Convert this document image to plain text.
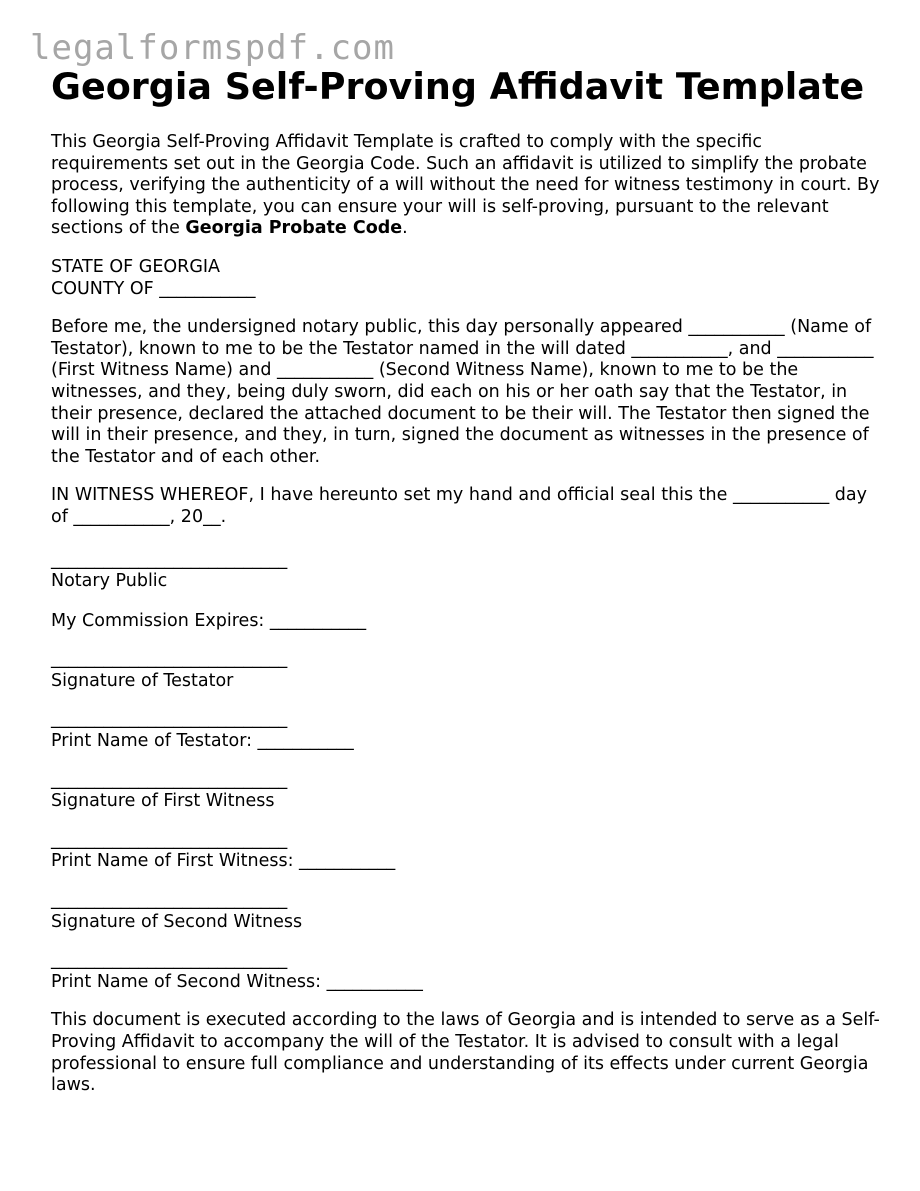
legalformspdf.com
Georgia Self-Proving Affidavit Template

This Georgia Self-Proving Affidavit Template is crafted to comply with the specific requirements set out in the Georgia Code. Such an affidavit is utilized to simplify the probate process, verifying the authenticity of a will without the need for witness testimony in court. By following this template, you can ensure your will is self-proving, pursuant to the relevant sections of the Georgia Probate Code.

STATE OF GEORGIA

COUNTY OF ___________

Before me, the undersigned notary public, this day personally appeared ___________ (Name of Testator), known to me to be the Testator named in the will dated ___________, and ___________ (First Witness Name) and ___________ (Second Witness Name), known to me to be the witnesses, and they, being duly sworn, did each on his or her oath say that the Testator, in their presence, declared the attached document to be their will. The Testator then signed the will in their presence, and they, in turn, signed the document as witnesses in the presence of the Testator and of each other.

IN WITNESS WHEREOF, I have hereunto set my hand and official seal this the ___________ day of ___________, 20__.

___________________________

Notary Public

My Commission Expires: ___________

___________________________

Signature of Testator

___________________________

Print Name of Testator: ___________

___________________________

Signature of First Witness

___________________________

Print Name of First Witness: ___________

___________________________

Signature of Second Witness

___________________________

Print Name of Second Witness: ___________

This document is executed according to the laws of Georgia and is intended to serve as a Self-Proving Affidavit to accompany the will of the Testator. It is advised to consult with a legal professional to ensure full compliance and understanding of its effects under current Georgia laws.
